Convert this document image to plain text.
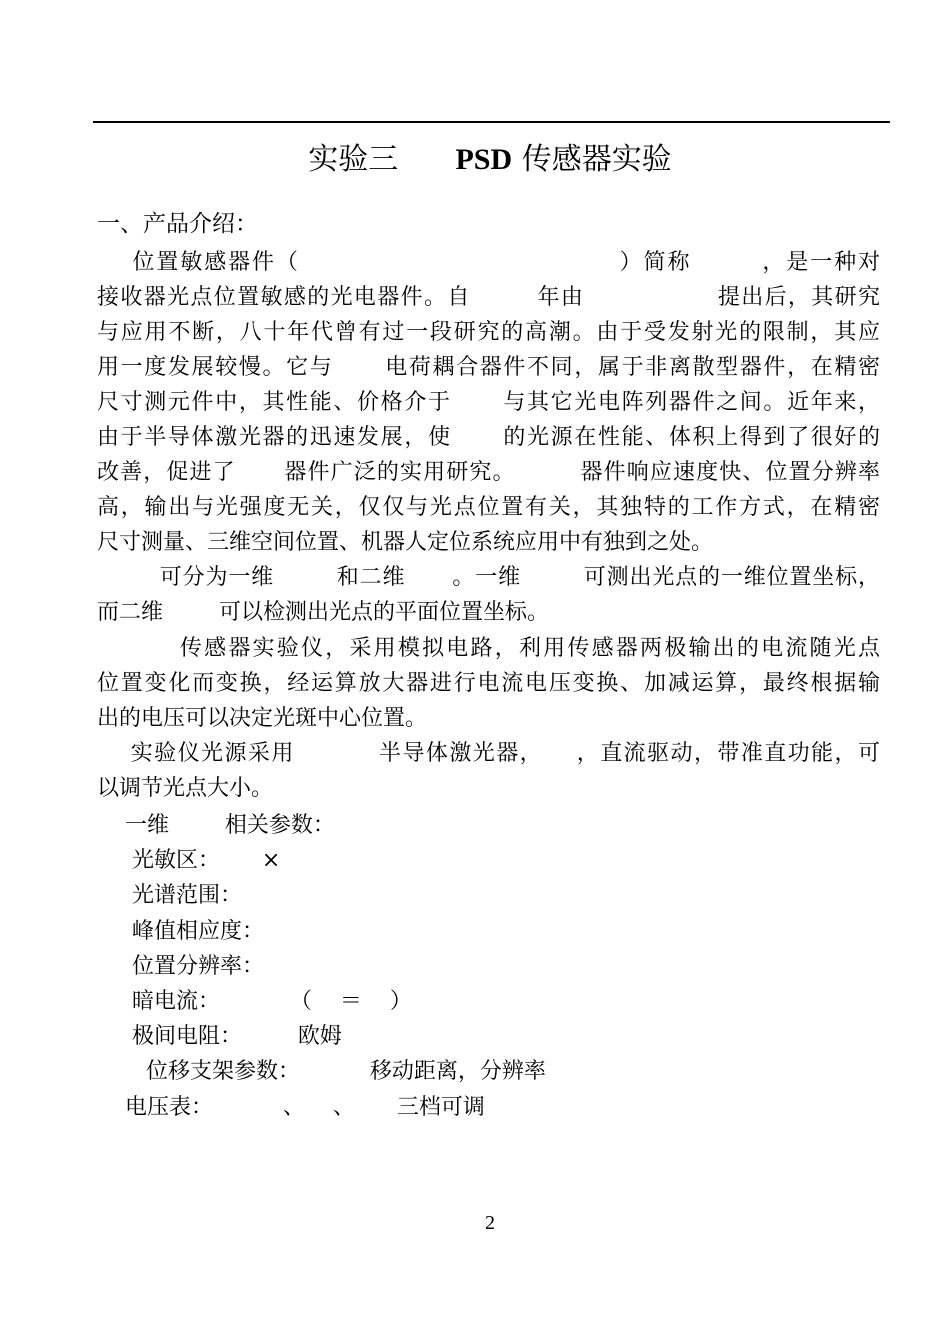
实验三 PSD 传感器实验
一、产品介绍：
位置敏感器件（                                    ）简称        ，是一种对
接收器光点位置敏感的光电器件。自        年由                提出后，其研究
与应用不断，八十年代曾有过一段研究的高潮。由于受发射光的限制，其应
用一度发展较慢。它与      电荷耦合器件不同，属于非离散型器件，在精密
尺寸测元件中，其性能、价格介于      与其它光电阵列器件之间。近年来，
由于半导体激光器的迅速发展，使      的光源在性能、体积上得到了很好的
改善，促进了      器件广泛的实用研究。        器件响应速度快、位置分辨率
高，输出与光强度无关，仅仅与光点位置有关，其独特的工作方式，在精密
尺寸测量、三维空间位置、机器人定位系统应用中有独到之处。
可分为一维        和二维      。一维        可测出光点的一维位置坐标，
而二维        可以检测出光点的平面位置坐标。
传感器实验仪，采用模拟电路，利用传感器两极输出的电流随光点
位置变化而变换，经运算放大器进行电流电压变换、加减运算，最终根据输
出的电压可以决定光斑中心位置。
实验仪光源采用          半导体激光器，    ，直流驱动，带准直功能，可
以调节光点大小。
一维        相关参数：
光敏区：      ×
光谱范围：
峰值相应度：
位置分辨率：
暗电流：          （    ＝    ）
极间电阻：        欧姆
位移支架参数：          移动距离，分辨率
电压表：          、    、      三档可调
2
